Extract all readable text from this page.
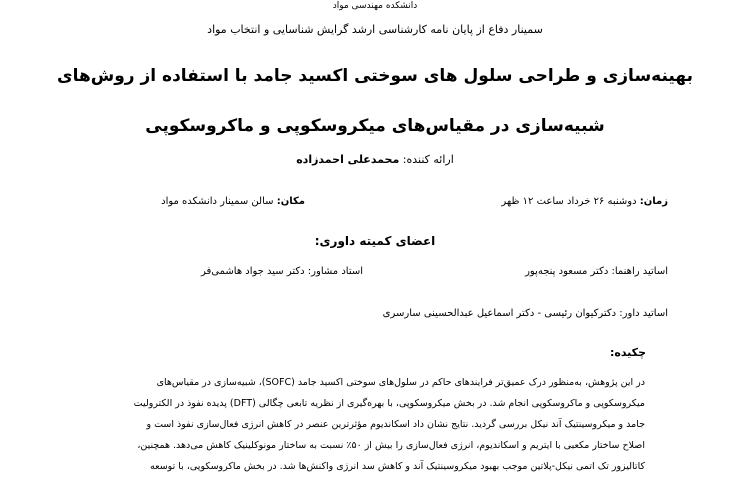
دانشکده مهندسی مواد
سمینار دفاع از پایان نامه کارشناسی ارشد گرایش شناسایی و انتخاب مواد
بهینه‌سازی و طراحی سلول های سوختی اکسید جامد با استفاده از روش‌های
شبیه‌سازی در مقیاس‌های میکروسکوپی و ماکروسکوپی
ارائه کننده: محمدعلی احمدزاده
زمان: دوشنبه ۲۶ خرداد ساعت ۱۲ ظهر
مکان: سالن سمینار دانشکده مواد
اعضای کمیته داوری:
اساتید راهنما: دکتر مسعود پنجه‌پور
استاد مشاور: دکتر سید جواد هاشمی‌فر
اساتید داور: دکترکیوان رئیسی - دکتر اسماعیل عبدالحسینی سارسری
چکیده:

در این پژوهش، به‌منظور درک عمیق‌تر فرایندهای حاکم در سلول‌های سوختی اکسید جامد (SOFC)، شبیه‌سازی در مقیاس‌های

میکروسکوپی و ماکروسکوپی انجام شد. در بخش میکروسکوپی، با بهره‌گیری از نظریه تابعی چگالی (DFT) پدیده نفوذ در الکترولیت

جامد و میکروسینتیک آند نیکل بررسی گردید. نتایج نشان داد اسکاندیوم مؤثرترین عنصر در کاهش انرژی فعال‌سازی نفوذ است و

اصلاح ساختار مکعبی با ایتریم و اسکاندیوم، انرژی فعال‌سازی را بیش از ۵۰٪ نسبت به ساختار مونوکلینیک کاهش می‌دهد. همچنین،

کاتالیزور تک اتمی نیکل-پلاتین موجب بهبود میکروسینتیک آند و کاهش سد انرژی واکنش‌ها شد. در بخش ماکروسکوپی، با توسعه
